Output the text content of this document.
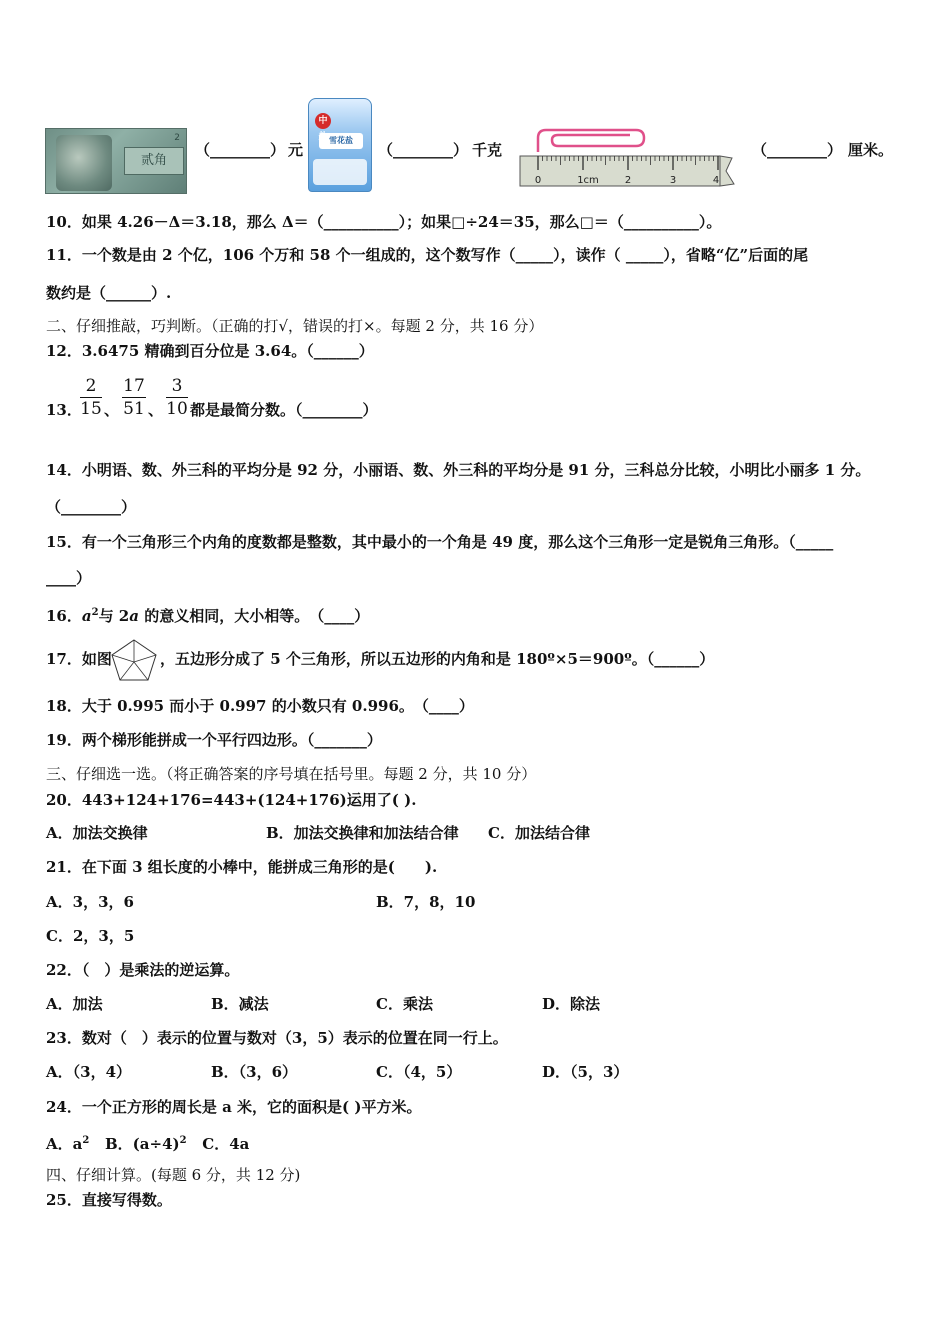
贰角
2
（________） 元
中
雪花盐
（________） 千克
0	1cm	2	3	4
（________） 厘米。
10．如果 4.26－Δ＝3.18，那么 Δ＝（__________）；如果□÷24＝35，那么□＝（__________）。
11．一个数是由 2 个亿，106 个万和 58 个一组成的，这个数写作（_____），读作（ _____），省略“亿”后面的尾
数约是（______）.
二、仔细推敲，巧判断。（正确的打√，错误的打×。每题 2 分，共 16 分）
12．3.6475 精确到百分位是 3.64。（______）
13．
$\frac{2}{15}$ 、 $\frac{17}{51}$ 、 $\frac{3}{10}$ 都是最简分数。（________）
14．小明语、数、外三科的平均分是 92 分，小丽语、数、外三科的平均分是 91 分，三科总分比较，小明比小丽多 1 分。
（________）
15．有一个三角形三个内角的度数都是整数，其中最小的一个角是 49 度，那么这个三角形一定是锐角三角形。（_____
____）
16．$a^2$与 2a 的意义相同，大小相等。　（____）
17．如图	，五边形分成了 5 个三角形，所以五边形的内角和是 180º×5＝900º。（______）
18．大于 0.995 而小于 0.997 的小数只有 0.996。　（____）
19．两个梯形能拼成一个平行四边形。（_______）
三、仔细选一选。（将正确答案的序号填在括号里。每题 2 分，共 10 分）
20．443+124+176=443+(124+176)运用了( ).
A．加法交换律	B．加法交换律和加法结合律 C．加法结合律
21．在下面 3 组长度的小棒中，能拼成三角形的是(　　).
A．3，3，6	B．7，8，10
C．2，3，5
22．（　）是乘法的逆运算。
A．加法	B．减法	C．乘法	D．除法
23．数对（　）表示的位置与数对（3，5）表示的位置在同一行上。
A．（3，4）	B．（3，6）	C．（4，5）	D．（5，3）
24．一个正方形的周长是 a 米，它的面积是( )平方米。
A．$a^2$ B．$(a\div 4)^2$ C．4a
四、仔细计算。(每题 6 分，共 12 分)
25．直接写得数。
